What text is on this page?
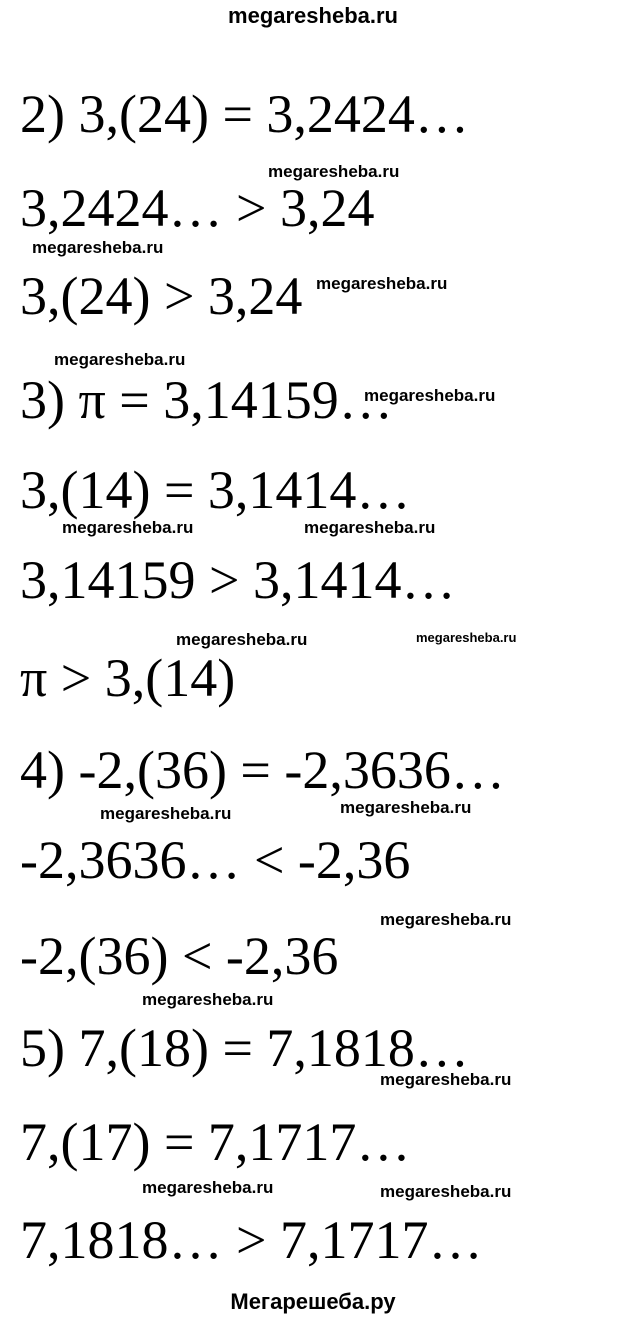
megaresheba.ru
2) 3,(24) = 3,2424…
3,2424… > 3,24
3,(24) > 3,24
3) π = 3,14159…
3,(14) = 3,1414…
3,14159 > 3,1414…
π > 3,(14)
4) -2,(36) = -2,3636…
-2,3636… < -2,36
-2,(36) < -2,36
5) 7,(18) = 7,1818…
7,(17) = 7,1717…
7,1818… > 7,1717…
megaresheba.ru
megaresheba.ru
megaresheba.ru
megaresheba.ru
megaresheba.ru
megaresheba.ru	megaresheba.ru
megaresheba.ru	megaresheba.ru
megaresheba.ru	megaresheba.ru
megaresheba.ru
megaresheba.ru
megaresheba.ru
megaresheba.ru	megaresheba.ru
Мегарешеба.ру
